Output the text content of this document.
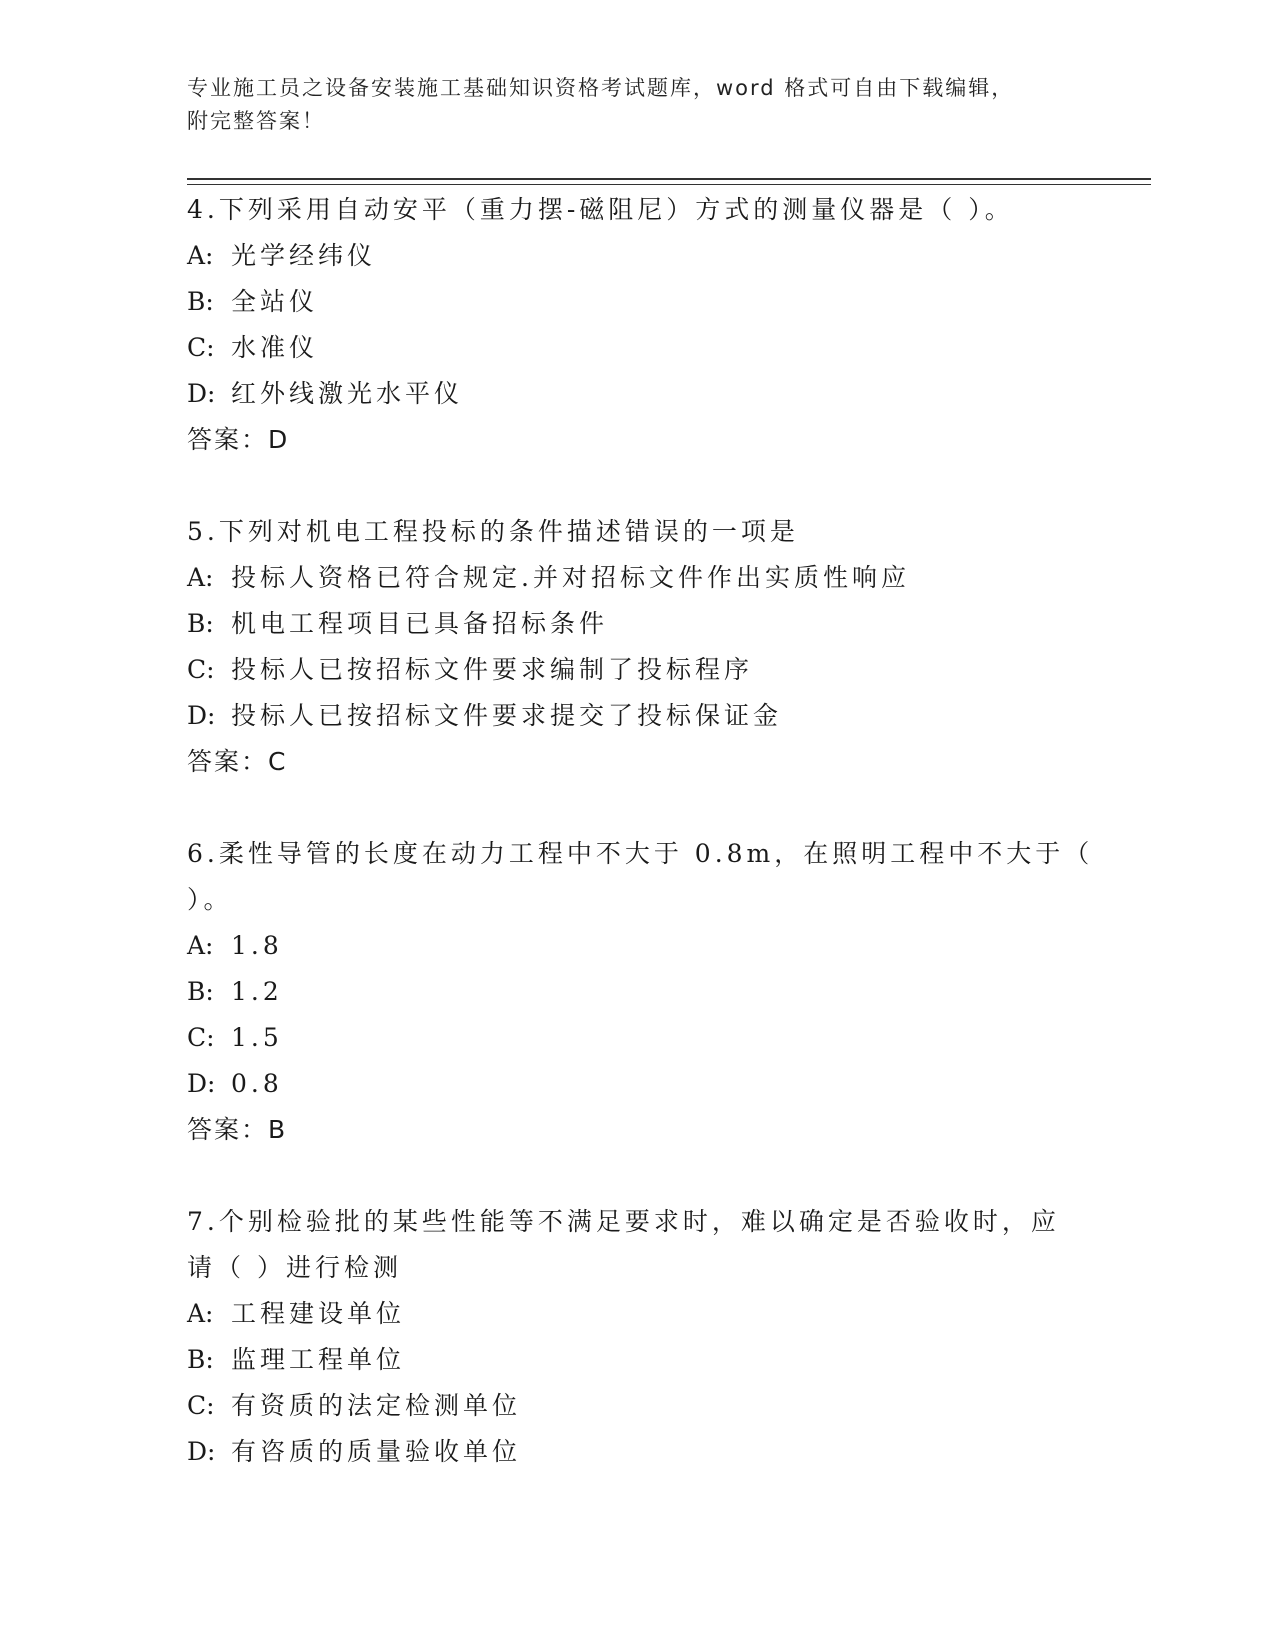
专业施工员之设备安装施工基础知识资格考试题库，word 格式可自由下载编辑，
附完整答案！
4.下列采用自动安平（重力摆-磁阻尼）方式的测量仪器是（ ）。
A: 光学经纬仪
B: 全站仪
C: 水准仪
D: 红外线激光水平仪
答案：D
5.下列对机电工程投标的条件描述错误的一项是
A: 投标人资格已符合规定.并对招标文件作出实质性响应
B: 机电工程项目已具备招标条件
C: 投标人已按招标文件要求编制了投标程序
D: 投标人已按招标文件要求提交了投标保证金
答案：C
6.柔性导管的长度在动力工程中不大于 0.8m，在照明工程中不大于（
）。
A: 1.8
B: 1.2
C: 1.5
D: 0.8
答案：B
7.个别检验批的某些性能等不满足要求时，难以确定是否验收时，应
请（ ）进行检测
A: 工程建设单位
B: 监理工程单位
C: 有资质的法定检测单位
D: 有咨质的质量验收单位
